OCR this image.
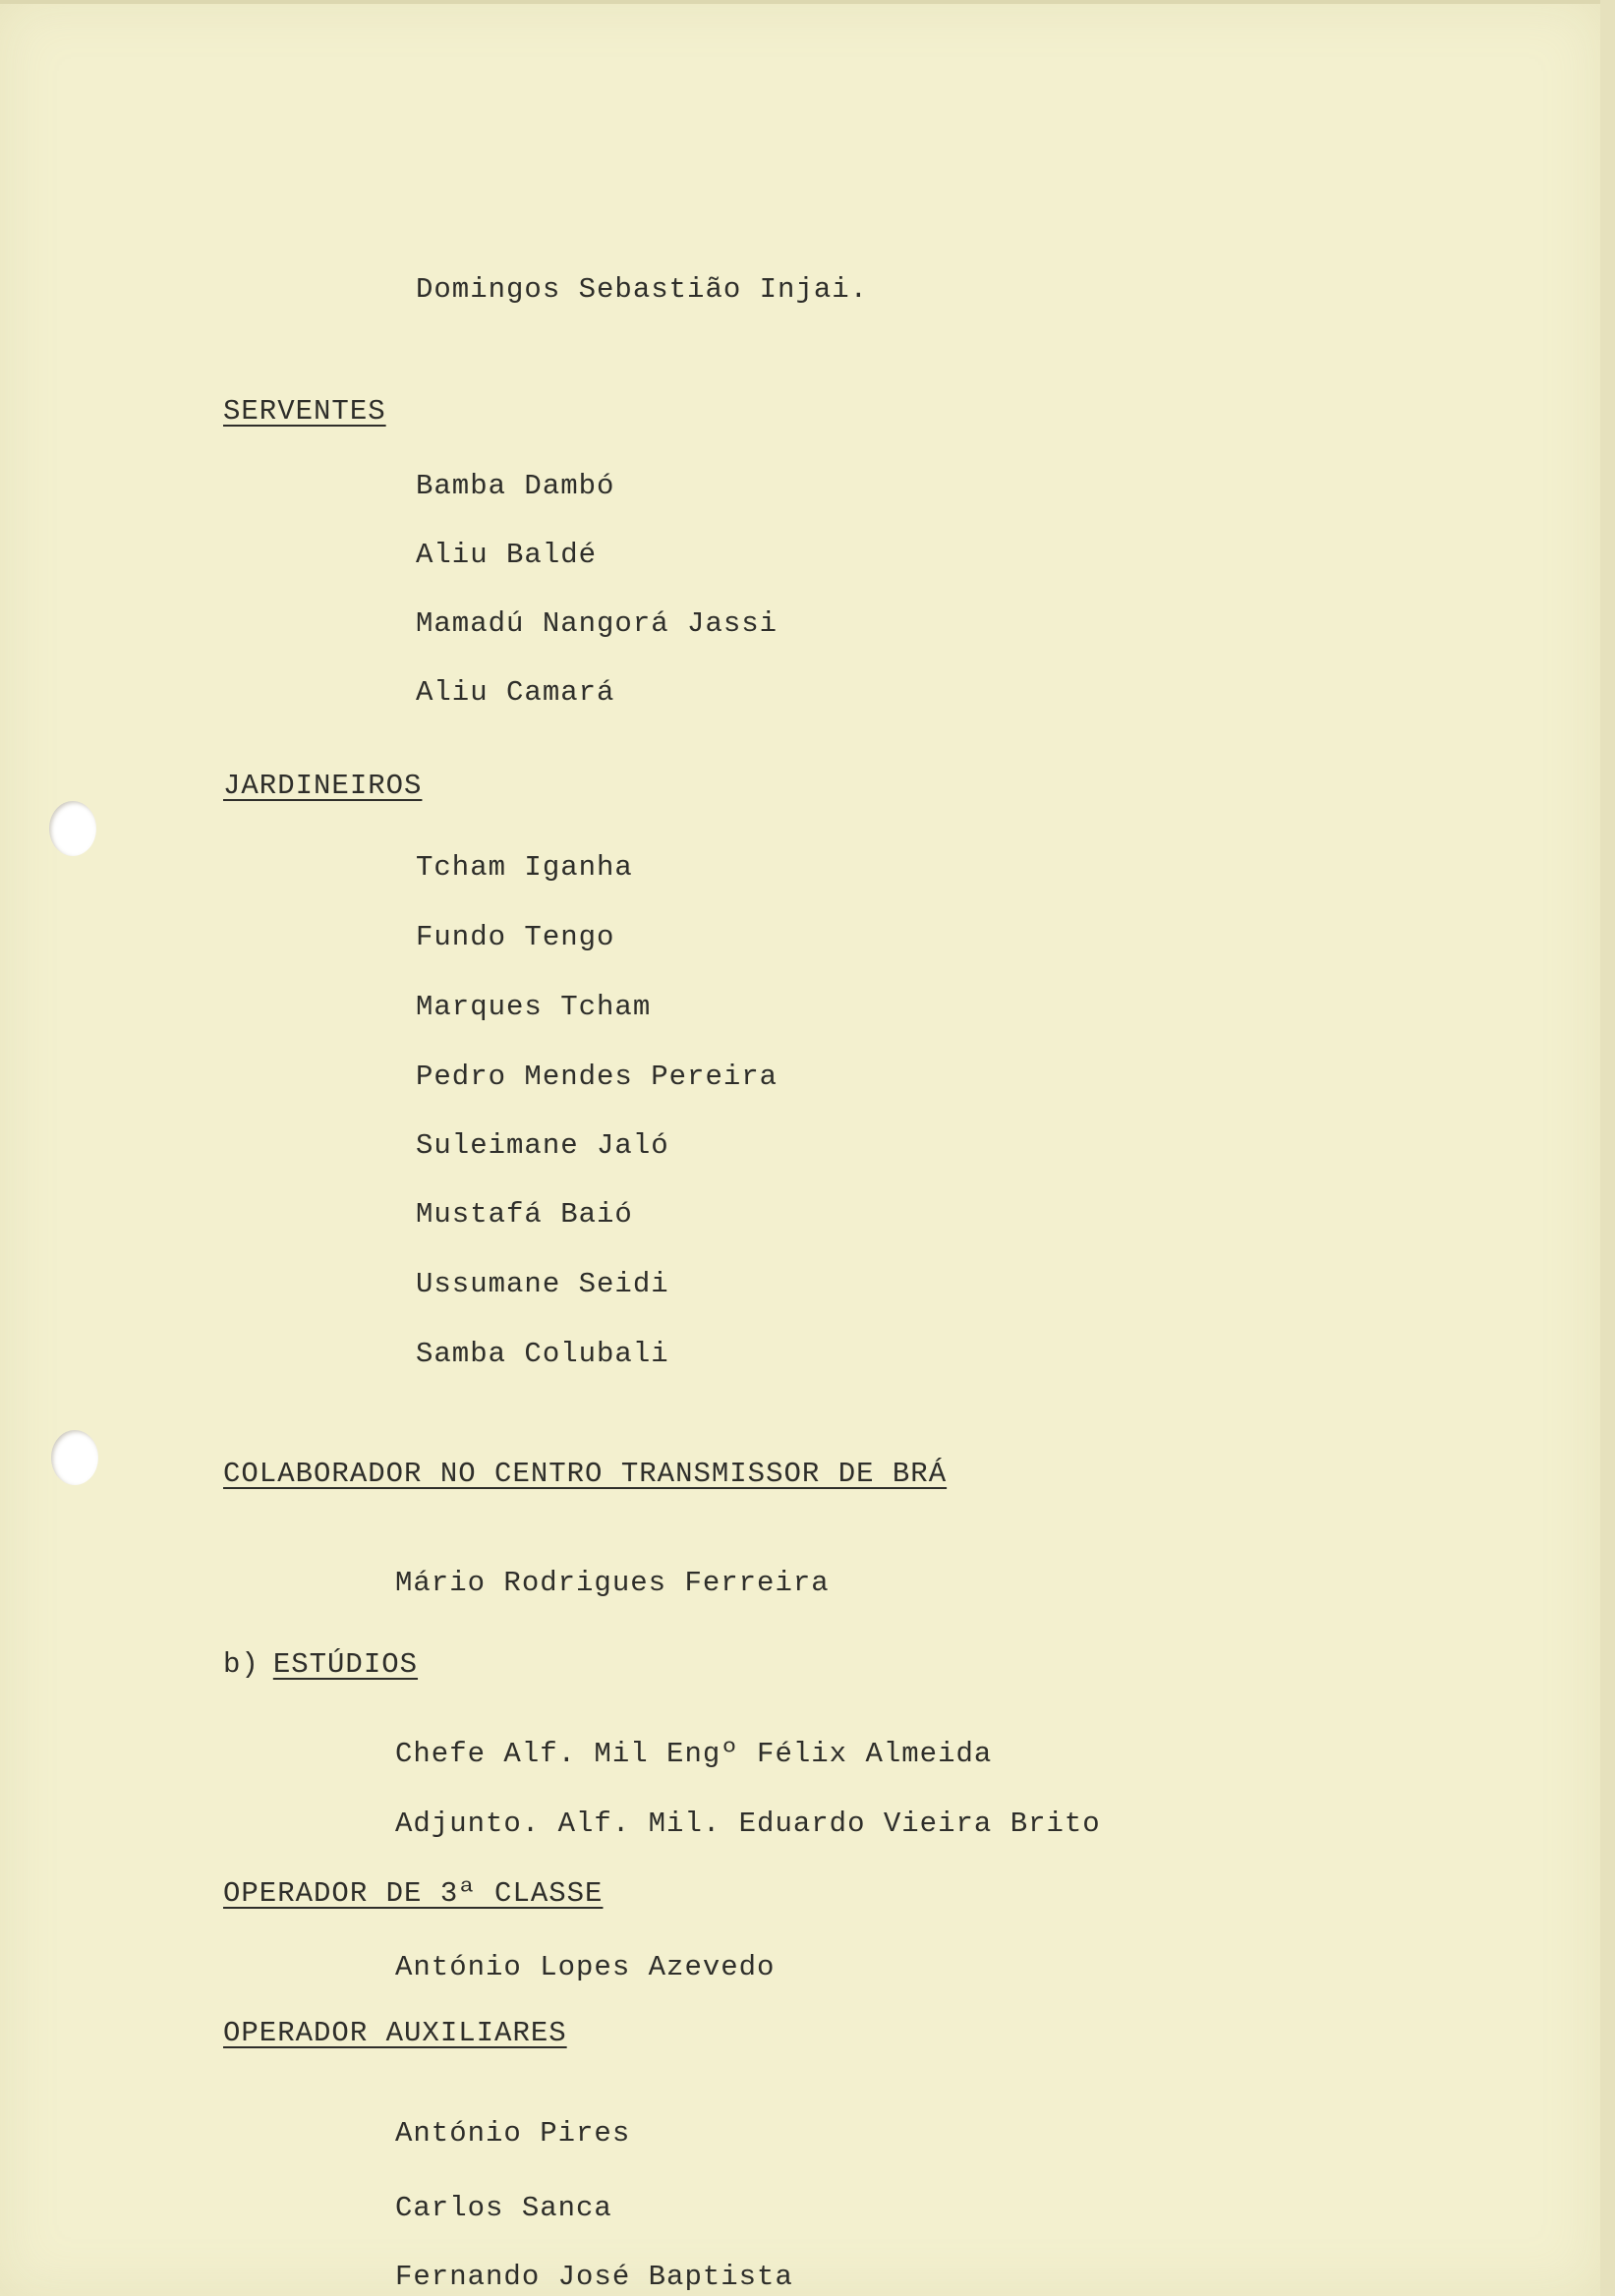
Domingos Sebastião Injai.
SERVENTES
Bamba Dambó
Aliu Baldé
Mamadú Nangorá Jassi
Aliu Camará
JARDINEIROS
Tcham Iganha
Fundo Tengo
Marques Tcham
Pedro Mendes Pereira
Suleimane Jaló
Mustafá Baió
Ussumane Seidi
Samba Colubali
COLABORADOR NO CENTRO TRANSMISSOR DE BRÁ
Mário Rodrigues Ferreira
b) ESTÚDIOS
Chefe Alf. Mil Engº Félix Almeida
Adjunto. Alf. Mil. Eduardo Vieira Brito
OPERADOR DE 3ª CLASSE
António Lopes Azevedo
OPERADOR AUXILIARES
António Pires
Carlos Sanca
Fernando José Baptista
